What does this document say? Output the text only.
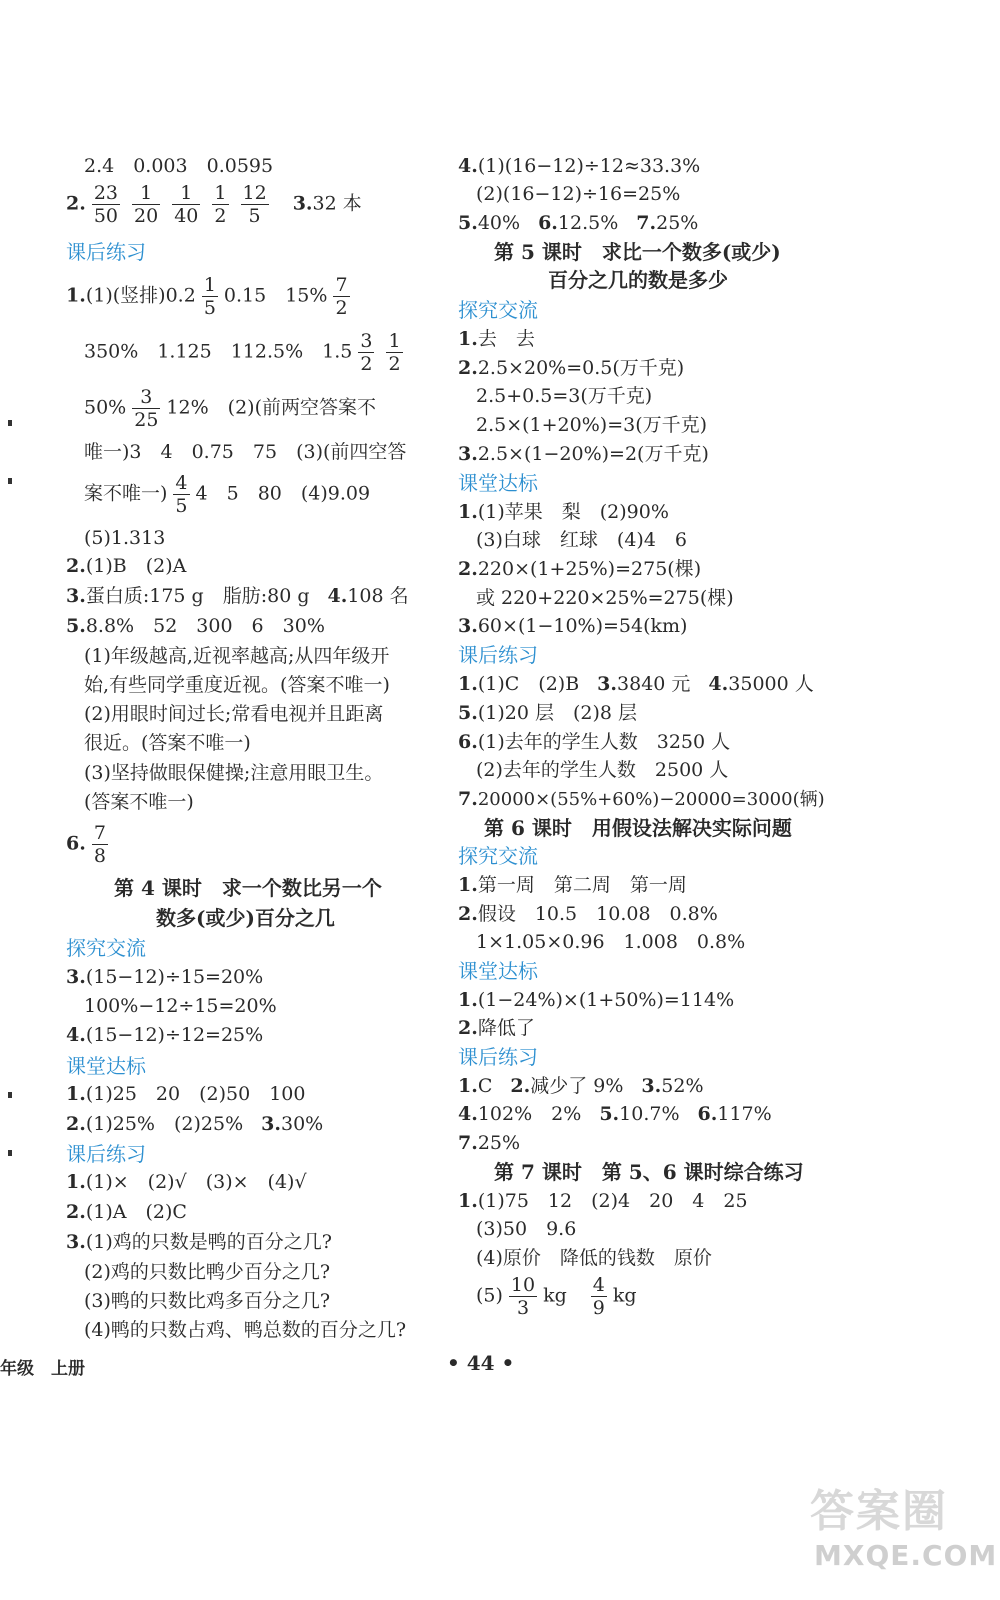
2.4　0.003　0.0595
2. $\frac{23}{50} \frac{1}{20} \frac{1}{40} \frac{1}{2} \frac{12}{5} 3.32$ 本
课后练习
1.(1)(竖排)$0.2 \frac{1}{5} 0.15$　$15\% \frac{7}{2}$
350%　1.125　112.5%　$1.5 \frac{3}{2} \frac{1}{2}$
$50\% \frac{3}{25} 12\%$　(2)(前两空答案不
唯一)3　4　0.75　75　(3)(前四空答
案不唯一) $\frac{4}{5} 4$　5　80　(4)9.09
(5)1.313
2.(1)B　(2)A
3.蛋白质:175 g　脂肪:80 g 4.108 名
5.8.8%　52　300　6　30%
(1)年级越高,近视率越高;从四年级开
始,有些同学重度近视。(答案不唯一)
(2)用眼时间过长;常看电视并且距离
很近。(答案不唯一)
(3)坚持做眼保健操;注意用眼卫生。
(答案不唯一)
6. $\frac{7}{8}$
第 4 课时　求一个数比另一个
数多(或少)百分之几
探究交流
3.(15−12)÷15=20%
100%−12÷15=20%
4.(15−12)÷12=25%
课堂达标
1.(1)25　20　(2)50　100
2.(1)25%　(2)25% 3.30%
课后练习
1.(1)×　(2)√　(3)×　(4)√
2.(1)A　(2)C
3.(1)鸡的只数是鸭的百分之几?
(2)鸡的只数比鸭少百分之几?
(3)鸭的只数比鸡多百分之几?
(4)鸭的只数占鸡、鸭总数的百分之几?
4.(1)(16−12)÷12≈33.3%
(2)(16−12)÷16=25%
5.40% 6.12.5% 7.25%
第 5 课时　求比一个数多(或少)
百分之几的数是多少
探究交流
1.去　去
2.2.5×20%=0.5(万千克)
2.5+0.5=3(万千克)
2.5×(1+20%)=3(万千克)
3.2.5×(1−20%)=2(万千克)
课堂达标
1.(1)苹果　梨　(2)90%
(3)白球　红球　(4)4　6
2.220×(1+25%)=275(棵)
或 220+220×25%=275(棵)
3.60×(1−10%)=54(km)
课后练习
1.(1)C　(2)B 3.3840 元 4.35000 人
5.(1)20 层　(2)8 层
6.(1)去年的学生人数　3250 人
(2)去年的学生人数　2500 人
7.20000×(55%+60%)−20000=3000(辆)
第 6 课时　用假设法解决实际问题
探究交流
1.第一周　第二周　第一周
2.假设　10.5　10.08　0.8%
1×1.05×0.96　1.008　0.8%
课堂达标
1.(1−24%)×(1+50%)=114%
2.降低了
课后练习
1.C 2.减少了 9% 3.52%
4.102%　2% 5.10.7% 6.117%
7.25%
第 7 课时　第 5、6 课时综合练习
1.(1)75　12　(2)4　20　4　25
(3)50　9.6
(4)原价　降低的钱数　原价
$(5) \frac{10}{3}$ kg $\frac{4}{9}$ kg
年级　上册	• 44 •
答案圈
MXQE.COM
